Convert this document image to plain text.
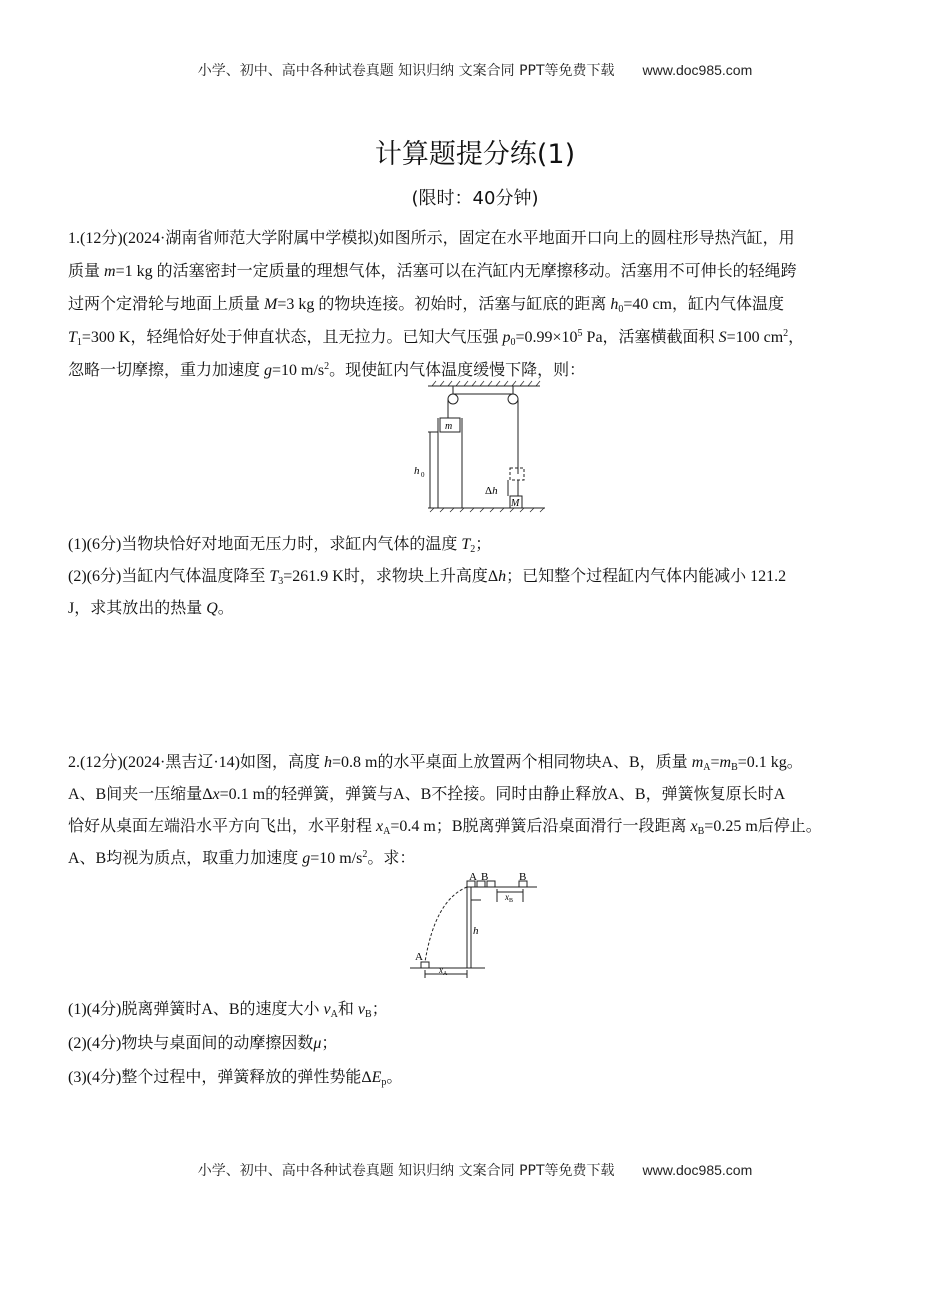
小学、初中、高中各种试卷真题 知识归纳 文案合同 PPT等免费下载 www.doc985.com
计算题提分练(1)
(限时：40分钟)
1.(12分)(2024·湖南省师范大学附属中学模拟)如图所示，固定在水平地面开口向上的圆柱形导热汽缸，用
质量 m=1 kg 的活塞密封一定质量的理想气体，活塞可以在汽缸内无摩擦移动。活塞用不可伸长的轻绳跨
过两个定滑轮与地面上质量 M=3 kg 的物块连接。初始时，活塞与缸底的距离 $h_0=40$ cm，缸内气体温度
$T_1=300$ K，轻绳恰好处于伸直状态，且无拉力。已知大气压强 $p_0=0.99\times 10^5$ Pa，活塞横截面积 S=100 $cm^2$，
忽略一切摩擦，重力加速度 g=10 $m/s^2$。现使缸内气体温度缓慢下降，则：
m
h 0
Δh
M
(1)(6分)当物块恰好对地面无压力时，求缸内气体的温度 $T_2$；
(2)(6分)当缸内气体温度降至 $T_3=261.9$ K时，求物块上升高度Δh；已知整个过程缸内气体内能减小 121.2
J，求其放出的热量 Q。
2.(12分)(2024·黑吉辽·14)如图，高度 h=0.8 m的水平桌面上放置两个相同物块A、B，质量 $m_A=m_B=0.1$ kg。
A、B间夹一压缩量Δx=0.1 m的轻弹簧，弹簧与A、B不拴接。同时由静止释放A、B，弹簧恢复原长时A
恰好从桌面左端沿水平方向飞出，水平射程 $x_A=0.4$ m；B脱离弹簧后沿桌面滑行一段距离 $x_B=0.25$ m后停止。
A、B均视为质点，取重力加速度 g=10 $m/s^2$。求：
A B	B
A
h
$x_B$
$x_A$
(1)(4分)脱离弹簧时A、B的速度大小 $v_A$和 $v_B$；
(2)(4分)物块与桌面间的动摩擦因数μ；
(3)(4分)整个过程中，弹簧释放的弹性势能$\Delta E_p$。
小学、初中、高中各种试卷真题 知识归纳 文案合同 PPT等免费下载 www.doc985.com
